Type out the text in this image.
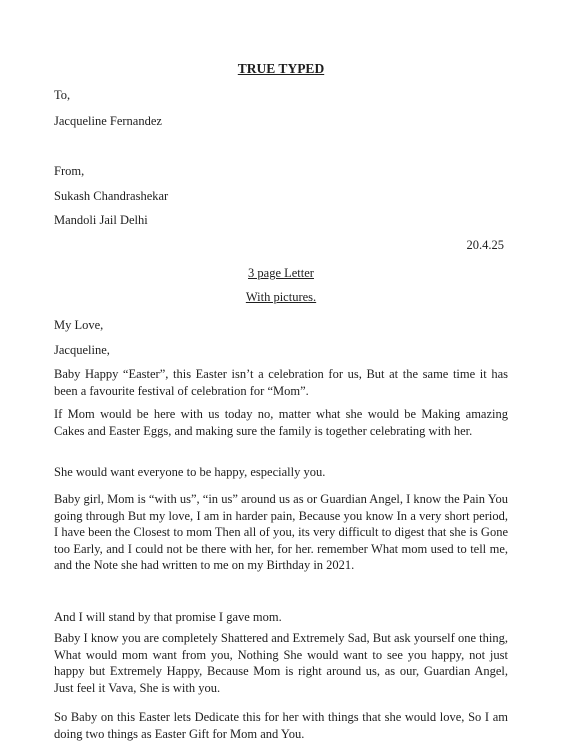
TRUE TYPED
To,
Jacqueline Fernandez
From,
Sukash Chandrashekar
Mandoli Jail Delhi
20.4.25
3 page Letter
With pictures.
My Love,
Jacqueline,
Baby Happy “Easter”, this Easter isn’t a celebration for us, But at the same time it has been a favourite festival of celebration for “Mom”.
If Mom would be here with us today no, matter what she would be Making amazing Cakes and Easter Eggs, and making sure the family is together celebrating with her.
She would want everyone to be happy, especially you.
Baby girl, Mom is “with us”, “in us” around us as or Guardian Angel, I know the Pain You going through But my love, I am in harder pain, Because you know In a very short period, I have been the Closest to mom Then all of you, its very difficult to digest that she is Gone too Early, and I could not be there with her, for her. remember What mom used to tell me, and the Note she had written to me on my Birthday in 2021.
And I will stand by that promise I gave mom.
Baby I know you are completely Shattered and Extremely Sad, But ask yourself one thing, What would mom want from you, Nothing She would want to see you happy, not just happy but Extremely Happy, Because Mom is right around us, as our, Guardian Angel, Just feel it Vava, She is with you.
So Baby on this Easter lets Dedicate this for her with things that she would love, So I am doing two things as Easter Gift for Mom and You.
